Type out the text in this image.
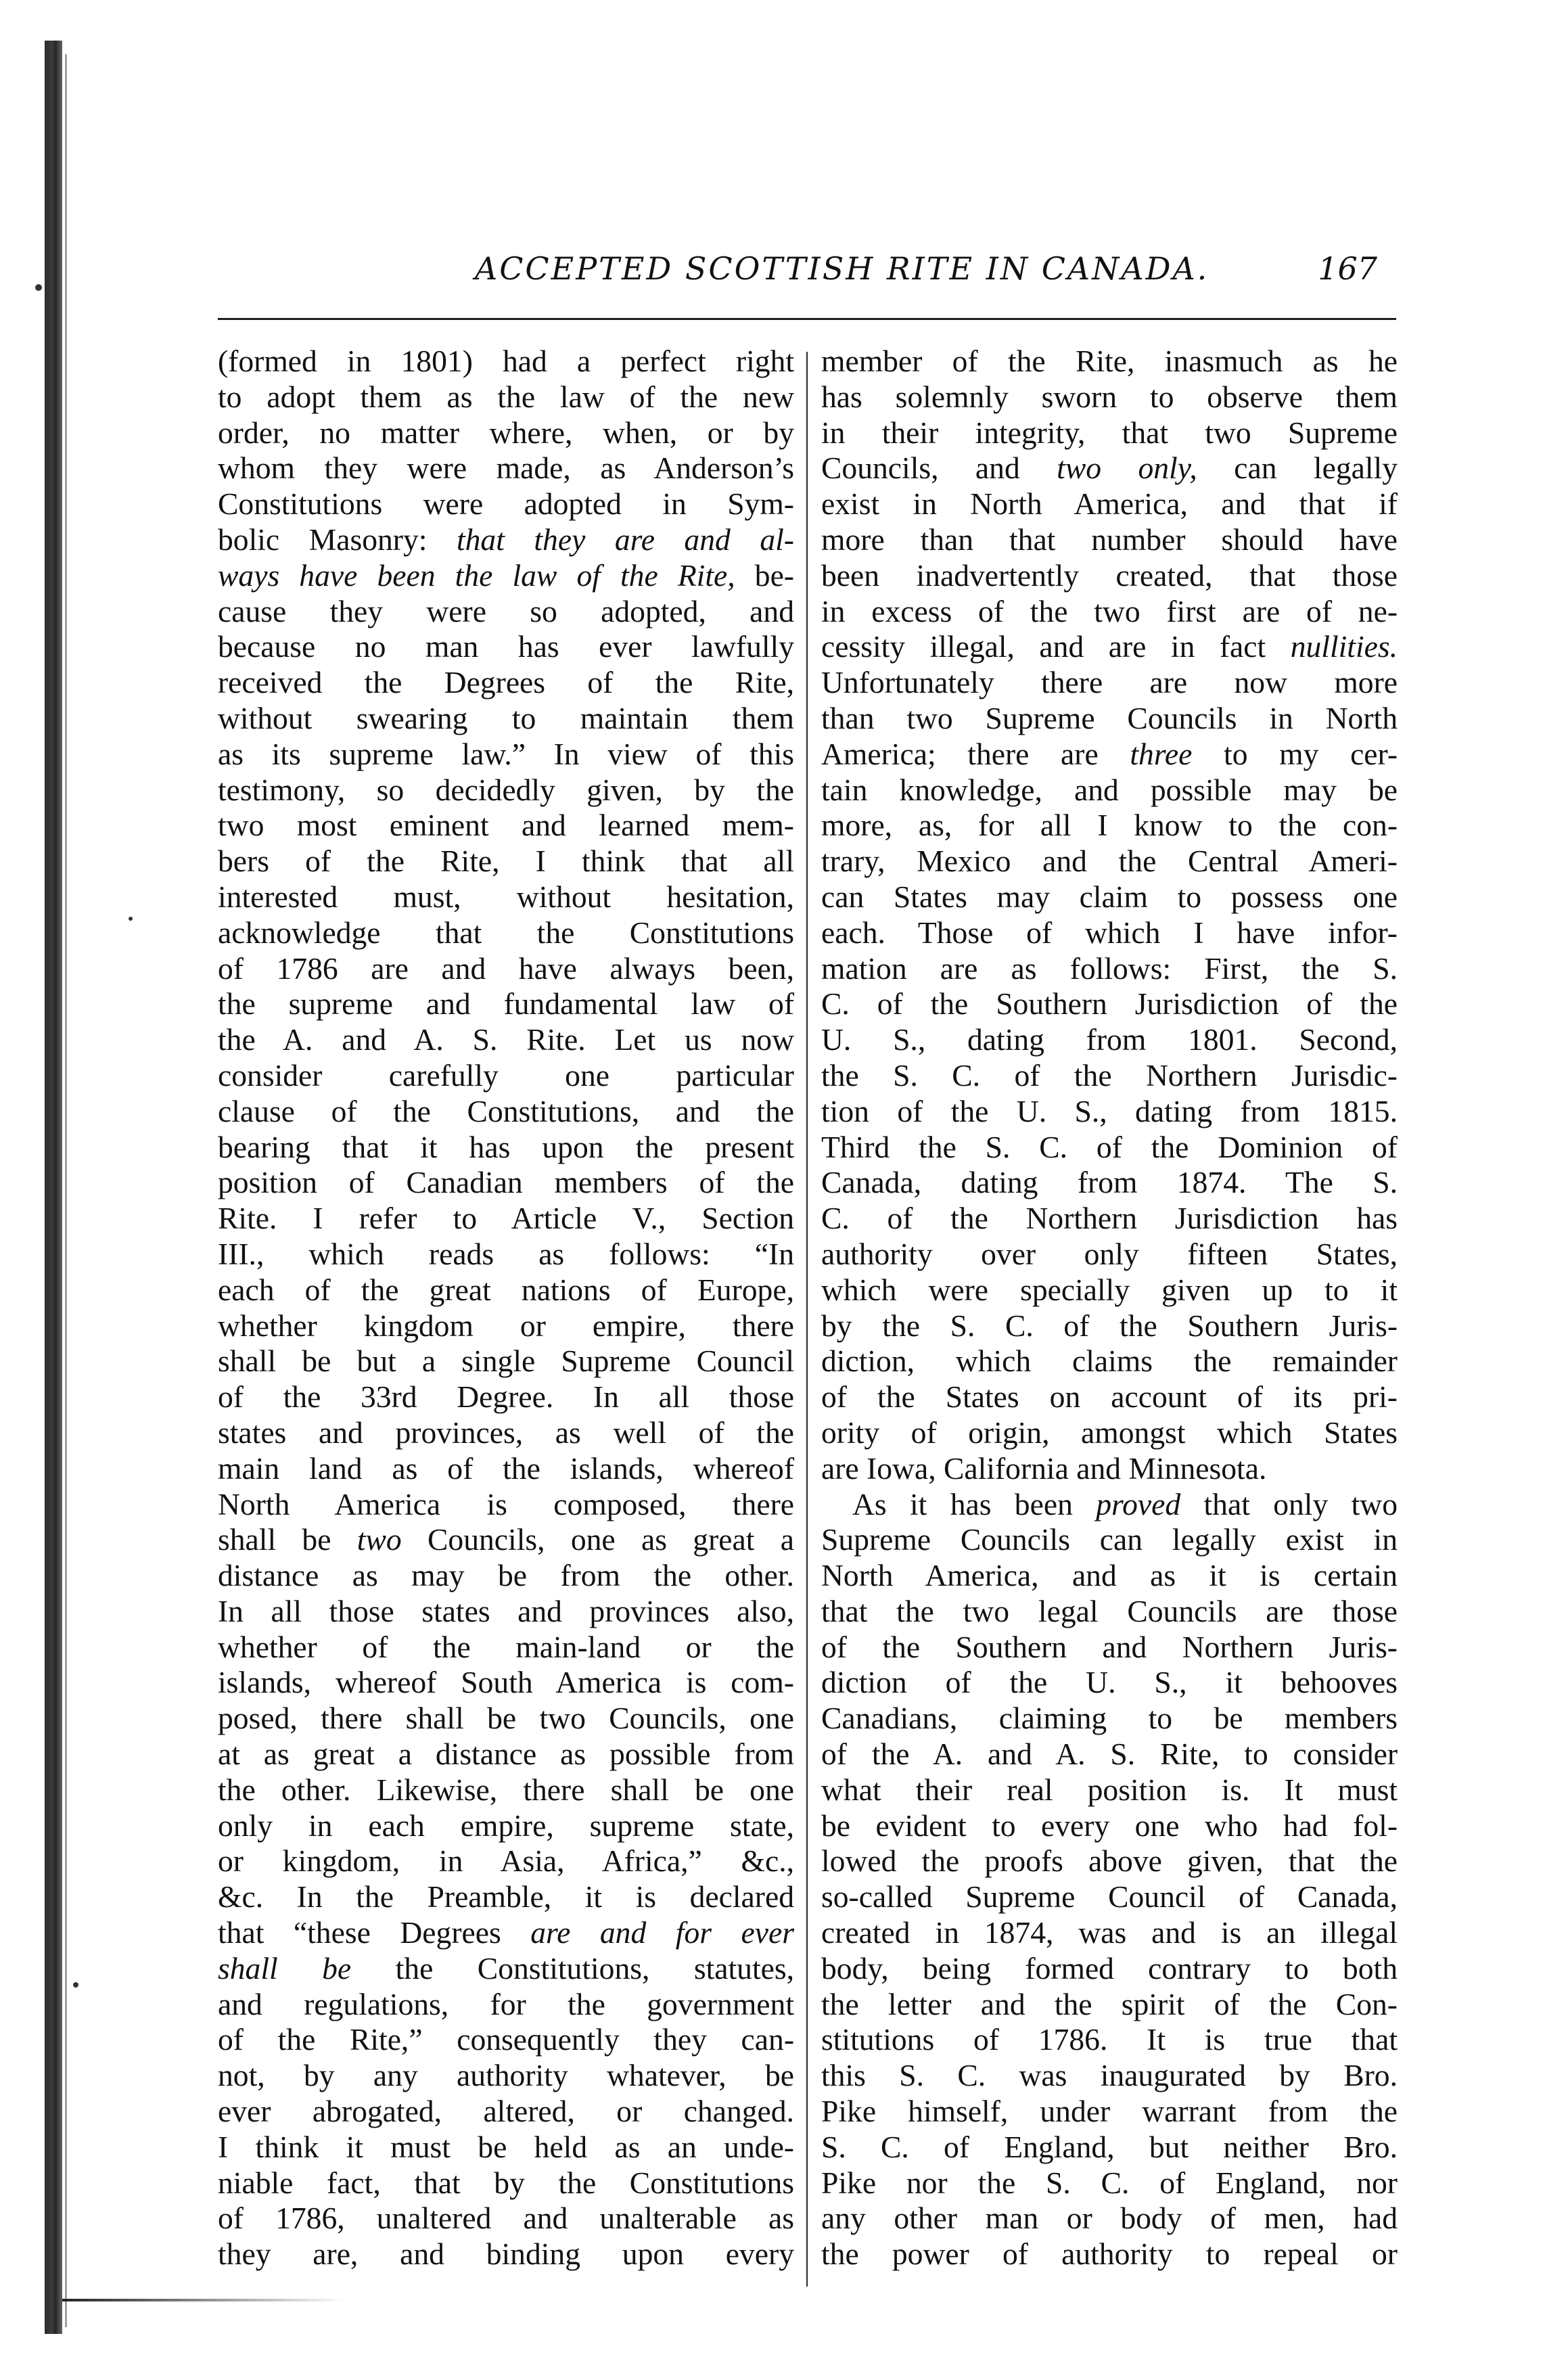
ACCEPTED SCOTTISH RITE IN CANADA.	167
(formed in 1801) had a perfect right
to adopt them as the law of the new
order, no matter where, when, or by
whom they were made, as Anderson’s
Constitutions were adopted in Sym-
bolic Masonry: that they are and al-
ways have been the law of the Rite, be-
cause they were so adopted, and
because no man has ever lawfully
received the Degrees of the Rite,
without swearing to maintain them
as its supreme law.” In view of this
testimony, so decidedly given, by the
two most eminent and learned mem-
bers of the Rite, I think that all
interested must, without hesitation,
acknowledge that the Constitutions
of 1786 are and have always been,
the supreme and fundamental law of
the A. and A. S. Rite. Let us now
consider carefully one particular
clause of the Constitutions, and the
bearing that it has upon the present
position of Canadian members of the
Rite. I refer to Article V., Section
III., which reads as follows: “In
each of the great nations of Europe,
whether kingdom or empire, there
shall be but a single Supreme Council
of the 33rd Degree. In all those
states and provinces, as well of the
main land as of the islands, whereof
North America is composed, there
shall be two Councils, one as great a
distance as may be from the other.
In all those states and provinces also,
whether of the main-land or the
islands, whereof South America is com-
posed, there shall be two Councils, one
at as great a distance as possible from
the other. Likewise, there shall be one
only in each empire, supreme state,
or kingdom, in Asia, Africa,” &c.,
&c. In the Preamble, it is declared
that “these Degrees are and for ever
shall be the Constitutions, statutes,
and regulations, for the government
of the Rite,” consequently they can-
not, by any authority whatever, be
ever abrogated, altered, or changed.
I think it must be held as an unde-
niable fact, that by the Constitutions
of 1786, unaltered and unalterable as
they are, and binding upon every
member of the Rite, inasmuch as he
has solemnly sworn to observe them
in their integrity, that two Supreme
Councils, and two only, can legally
exist in North America, and that if
more than that number should have
been inadvertently created, that those
in excess of the two first are of ne-
cessity illegal, and are in fact nullities.
Unfortunately there are now more
than two Supreme Councils in North
America; there are three to my cer-
tain knowledge, and possible may be
more, as, for all I know to the con-
trary, Mexico and the Central Ameri-
can States may claim to possess one
each. Those of which I have infor-
mation are as follows: First, the S.
C. of the Southern Jurisdiction of the
U. S., dating from 1801. Second,
the S. C. of the Northern Jurisdic-
tion of the U. S., dating from 1815.
Third the S. C. of the Dominion of
Canada, dating from 1874. The S.
C. of the Northern Jurisdiction has
authority over only fifteen States,
which were specially given up to it
by the S. C. of the Southern Juris-
diction, which claims the remainder
of the States on account of its pri-
ority of origin, amongst which States
are Iowa, California and Minnesota.
As it has been proved that only two
Supreme Councils can legally exist in
North America, and as it is certain
that the two legal Councils are those
of the Southern and Northern Juris-
diction of the U. S., it behooves
Canadians, claiming to be members
of the A. and A. S. Rite, to consider
what their real position is. It must
be evident to every one who had fol-
lowed the proofs above given, that the
so-called Supreme Council of Canada,
created in 1874, was and is an illegal
body, being formed contrary to both
the letter and the spirit of the Con-
stitutions of 1786. It is true that
this S. C. was inaugurated by Bro.
Pike himself, under warrant from the
S. C. of England, but neither Bro.
Pike nor the S. C. of England, nor
any other man or body of men, had
the power of authority to repeal or
